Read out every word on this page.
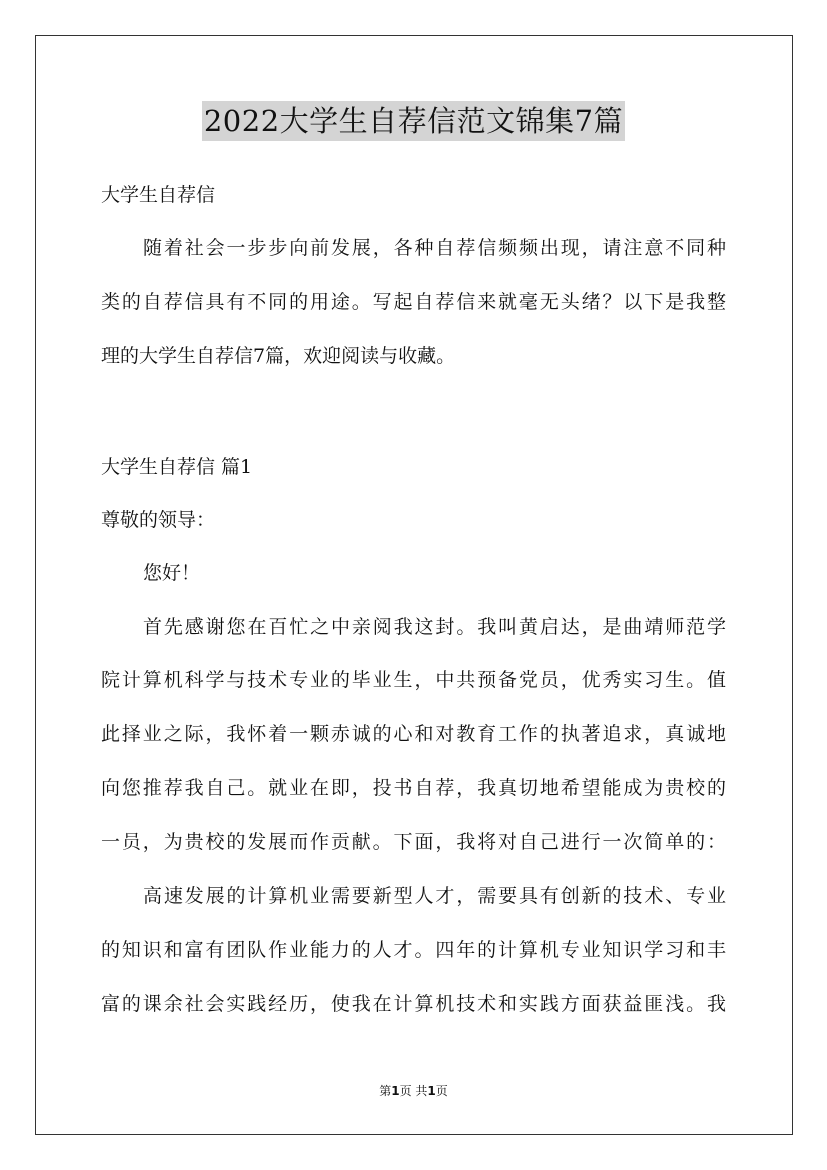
2022大学生自荐信范文锦集7篇
大学生自荐信
随着社会一步步向前发展，各种自荐信频频出现，请注意不同种
类的自荐信具有不同的用途。写起自荐信来就毫无头绪？以下是我整
理的大学生自荐信7篇，欢迎阅读与收藏。
大学生自荐信 篇1
尊敬的领导：
您好！
首先感谢您在百忙之中亲阅我这封。我叫黄启达，是曲靖师范学
院计算机科学与技术专业的毕业生，中共预备党员，优秀实习生。值
此择业之际，我怀着一颗赤诚的心和对教育工作的执著追求，真诚地
向您推荐我自己。就业在即，投书自荐，我真切地希望能成为贵校的
一员，为贵校的发展而作贡献。下面，我将对自己进行一次简单的：
高速发展的计算机业需要新型人才，需要具有创新的技术、专业
的知识和富有团队作业能力的人才。四年的计算机专业知识学习和丰
富的课余社会实践经历，使我在计算机技术和实践方面获益匪浅。我
第1页 共1页
